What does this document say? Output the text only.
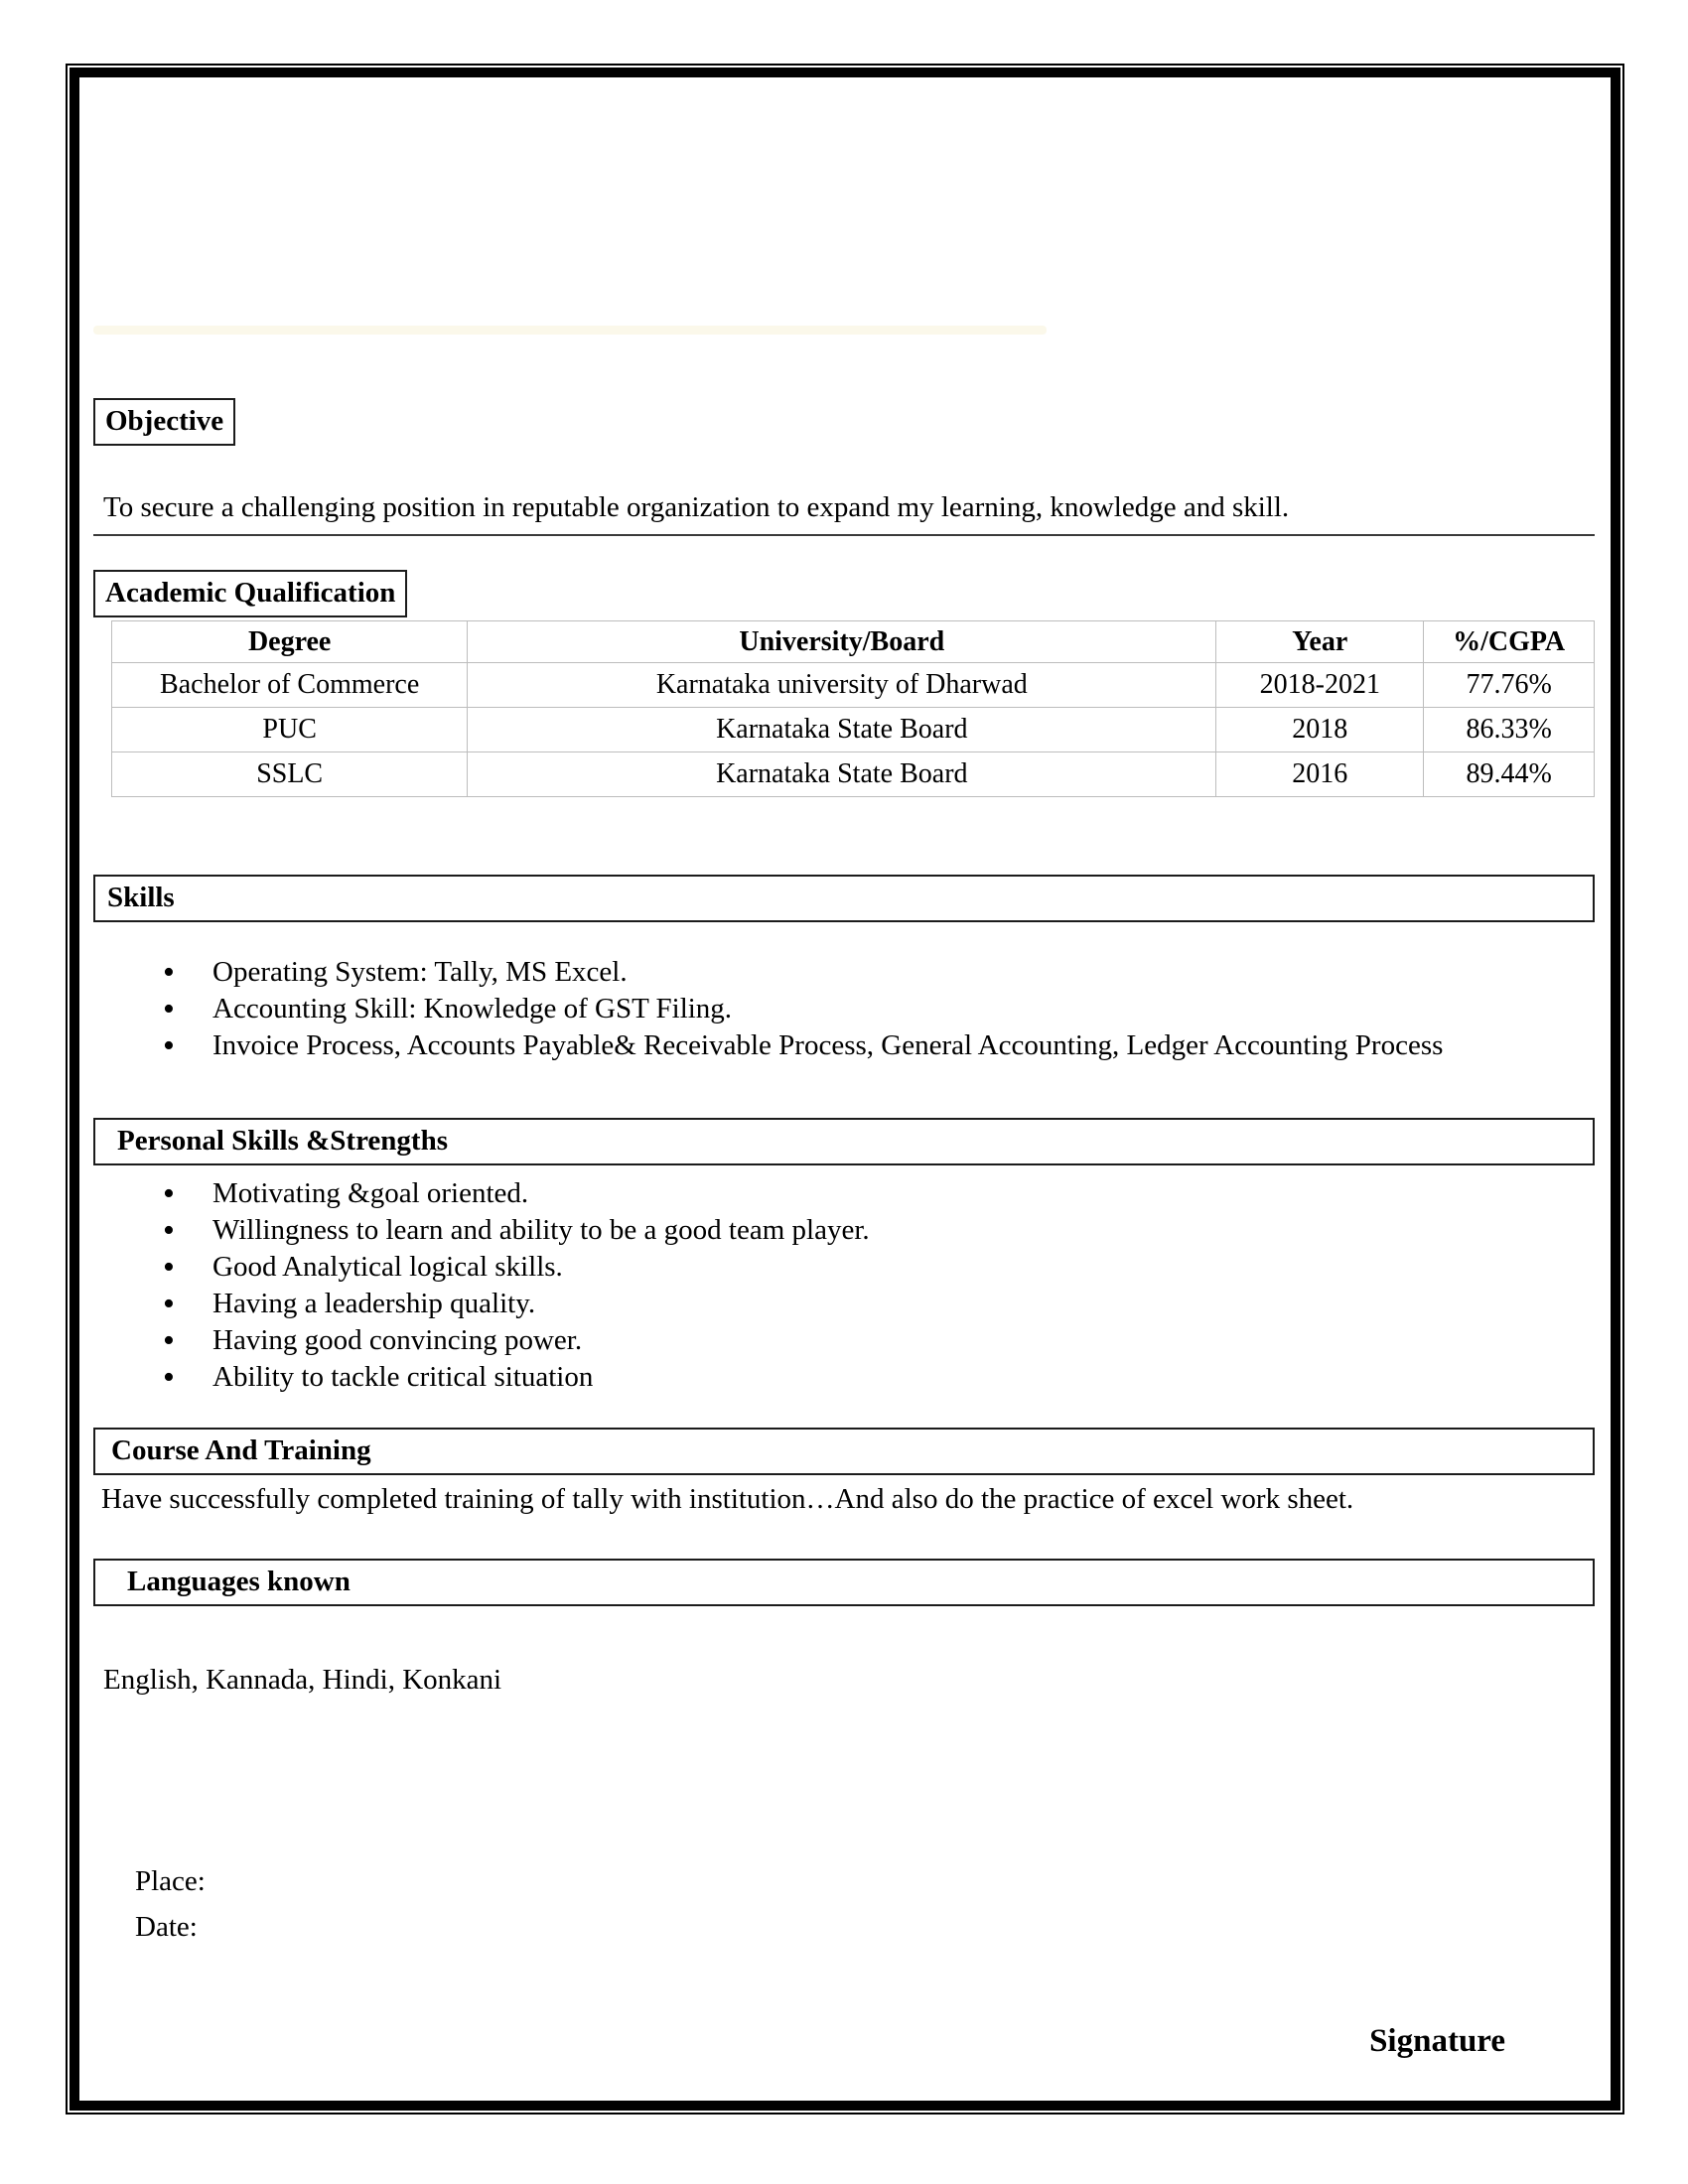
Objective
To secure a challenging position in reputable organization to expand my learning, knowledge and skill.
Academic Qualification
Degree	University/Board	Year	%/CGPA
Bachelor of Commerce	Karnataka university of Dharwad	2018-2021	77.76%
PUC	Karnataka State Board	2018	86.33%
SSLC	Karnataka State Board	2016	89.44%
Skills
• Operating System: Tally, MS Excel.
• Accounting Skill: Knowledge of GST Filing.
• Invoice Process, Accounts Payable& Receivable Process, General Accounting, Ledger Accounting Process
Personal Skills &Strengths
• Motivating &goal oriented.
• Willingness to learn and ability to be a good team player.
• Good Analytical logical skills.
• Having a leadership quality.
• Having good convincing power.
• Ability to tackle critical situation
Course And Training
Have successfully completed training of tally with institution…And also do the practice of excel work sheet.
Languages known
English, Kannada, Hindi, Konkani
Place:
Date:
Signature
